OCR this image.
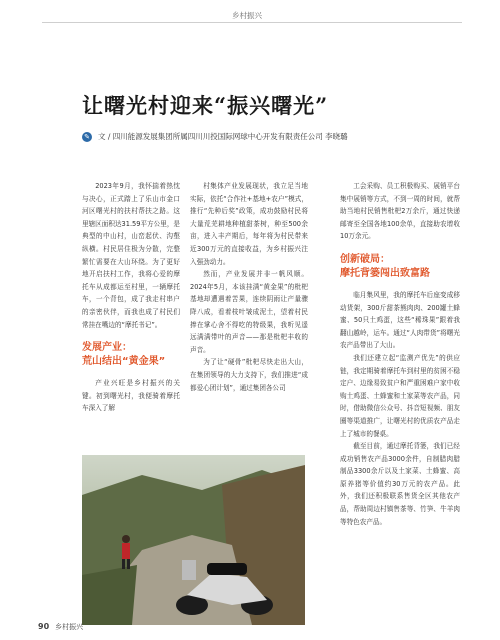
乡村振兴
让曙光村迎来“振兴曙光”
✎ 文 / 四川能源发展集团所属四川川投国际网球中心开发有限责任公司 李晓璐

2023年9月，我怀揣着热忱与决心，正式踏上了乐山市金口河区曙光村的扶村帮扶之路。这里辖区面积达31.59平方公里，是典型的中山村，山峦起伏、沟壑纵横。村民居住极为分散，完整繁忙需要在大山环绕。为了更好地开启扶村工作，我将心爱的摩托车从成都运至村里，一辆摩托车，一个背包，成了我走村串户的亲密伙伴，而我也成了村民们常挂在嘴边的“摩托书记”。

发展产业：
荒山结出“黄金果”

产业兴旺是乡村振兴的关键。初到曙光村，我便骑着摩托车深入了解

村集体产业发展现状，我立足当地实际，依托“合作社+基地+农户”模式，推行“先种后奖”政策，成功鼓励村民将大量荒芜耕地种植甜茶树，种至500余亩，进入丰产期后，每年将为村民带来近300万元的直接收益，为乡村振兴注入强劲动力。

然而，产业发展并非一帆风顺。2024年5月，本该挂满“黄金果”的枇杷基地却遭遇着苦果，连续阴雨让产量骤降八成，看着枝叶皱成泥土，望着村民捧在掌心舍不得吃的特级果，我听见遥远满满带叶的声音——那是枇杷丰收的声音。

为了让“硬骨”枇杷尽快走出大山，在集团领导的大力支持下，我们推进“成都爱心团计划”，通过集团各公司

工会采购、员工积极购买、展销平台集中展销等方式，不到一周的时间，就帮助当地村民销售枇杷2万余斤，通过快递邮寄至全国各地100余单，直接助农增收10万余元。

创新破局：
摩托背篓闯出致富路

临月集风里，我的摩托车后座变成移动货架，300斤甜茶熊肉肉、200罐土蜂蜜、50只土鸡蛋，这些“稀珠果”跟着我翻山越岭，运车。通过“人肉带货”将曙光农产品带出了大山。

我们还建立起“监测产优先”的供应链，我定期骑着摩托车到村里的贫困不稳定户、边缘易致贫户和严重困难户家中收购土鸡蛋、土蜂蜜和土家菜等农产品，同时，借助微信公众号、抖音短视频、朋友圈等渠道推广，让曙光村的优质农产品走上了城市的餐桌。

截至目前，通过摩托背篓，我们已经成功销售农产品3000余件，自制腊肉腊制品3300余斤以及土家菜、土蜂蜜、高原养猪等价值约30万元的农产品。此外，我们还积极联系售货全区其他农产品，帮助周边村镇售茶等、竹笋、牛羊肉等特色农产品。

90 乡村振兴
